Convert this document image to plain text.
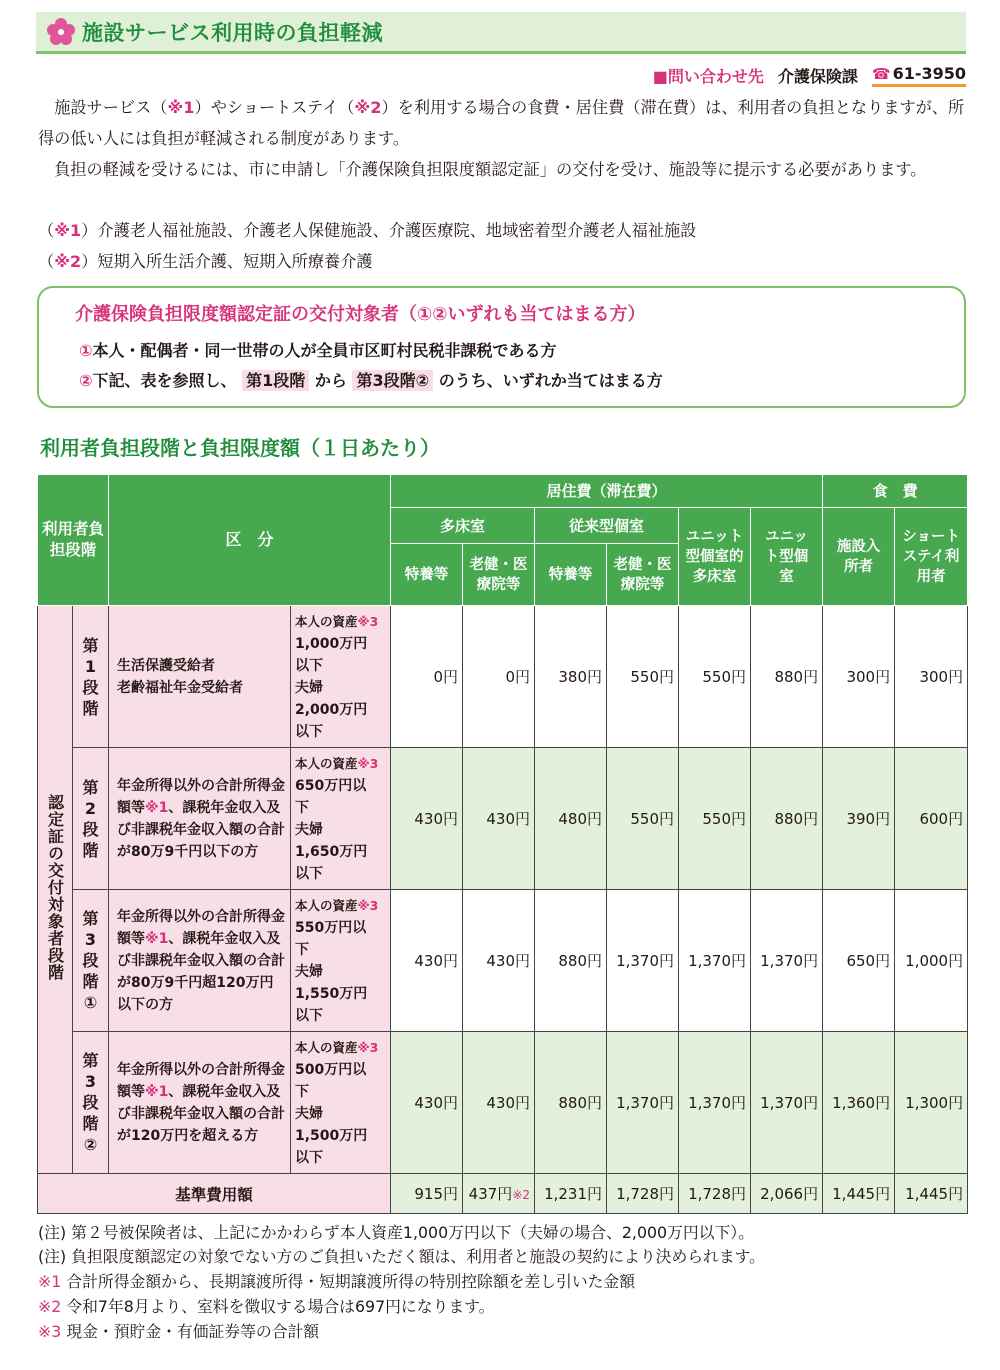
施設サービス利用時の負担軽減
■問い合わせ先 介護保険課 ☎ 61-3950

施設サービス（※1）やショートステイ（※2）を利用する場合の食費・居住費（滞在費）は、利用者の負担となりますが、所得の低い人には負担が軽減される制度があります。

負担の軽減を受けるには、市に申請し「介護保険負担限度額認定証」の交付を受け、施設等に提示する必要があります。

（※1）介護老人福祉施設、介護老人保健施設、介護医療院、地域密着型介護老人福祉施設
（※2）短期入所生活介護、短期入所療養介護
介護保険負担限度額認定証の交付対象者（①②いずれも当てはまる方）
①本人・配偶者・同一世帯の人が全員市区町村民税非課税である方
②下記、表を参照し、 第1段階 から 第3段階② のうち、いずれか当てはまる方
利用者負担段階と負担限度額（１日あたり）
利用者負担段階		区　分		居住費（滞在費）						食　費	
				多床室		従来型個室		ユニット型個室的多床室	ユニット型個室	施設入所者	ショートステイ利用者
				特養等	老健・医療院等	特養等	老健・医療院等				
認定証の交付対象者段階	第1段階	生活保護受給者
老齢福祉年金受給者	本人の資産※3
1,000万円以下
夫婦
2,000万円以下	0円	0円	380円	550円	550円	880円	300円	300円
	第2段階	年金所得以外の合計所得金額等※1、課税年金収入及び非課税年金収入額の合計が80万9千円以下の方	本人の資産※3
650万円以下
夫婦
1,650万円以下	430円	430円	480円	550円	550円	880円	390円	600円
	第3段階①	年金所得以外の合計所得金額等※1、課税年金収入及び非課税年金収入額の合計が80万9千円超120万円以下の方	本人の資産※3
550万円以下
夫婦
1,550万円以下	430円	430円	880円	1,370円	1,370円	1,370円	650円	1,000円
	第3段階②	年金所得以外の合計所得金額等※1、課税年金収入及び非課税年金収入額の合計が120万円を超える方	本人の資産※3
500万円以下
夫婦
1,500万円以下	430円	430円	880円	1,370円	1,370円	1,370円	1,360円	1,300円
基準費用額				915円	437円※2	1,231円	1,728円	1,728円	2,066円	1,445円	1,445円
(注) 第２号被保険者は、上記にかかわらず本人資産1,000万円以下（夫婦の場合、2,000万円以下）。
(注) 負担限度額認定の対象でない方のご負担いただく額は、利用者と施設の契約により決められます。
※1 合計所得金額から、長期譲渡所得・短期譲渡所得の特別控除額を差し引いた金額
※2 令和7年8月より、室料を徴収する場合は697円になります。
※3 現金・預貯金・有価証券等の合計額
